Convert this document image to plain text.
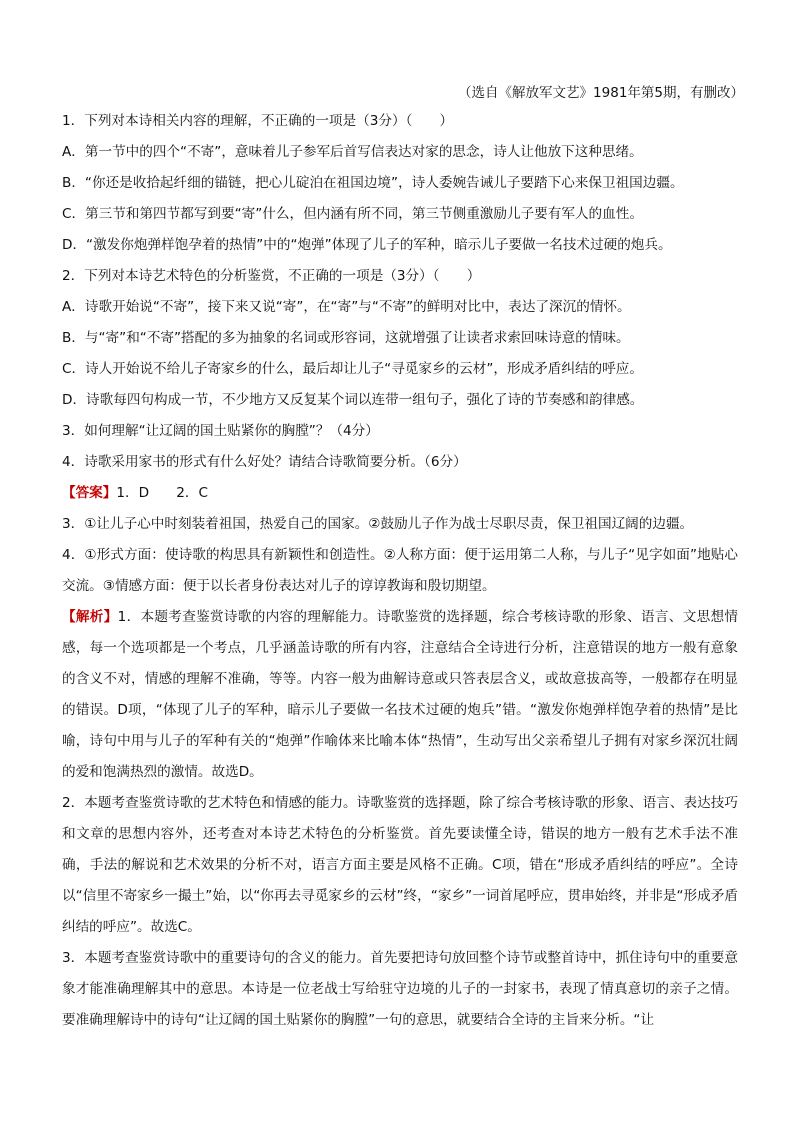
（选自《解放军文艺》1981年第5期，有删改）
1．下列对本诗相关内容的理解，不正确的一项是（3分）（　　）
A．第一节中的四个“不寄”，意味着儿子参军后首写信表达对家的思念，诗人让他放下这种思绪。
B．“你还是收拾起纤细的锚链，把心儿碇泊在祖国边境”，诗人委婉告诫儿子要踏下心来保卫祖国边疆。
C．第三节和第四节都写到要“寄”什么，但内涵有所不同，第三节侧重激励儿子要有军人的血性。
D．“激发你炮弹样饱孕着的热情”中的“炮弹”体现了儿子的军种，暗示儿子要做一名技术过硬的炮兵。
2．下列对本诗艺术特色的分析鉴赏，不正确的一项是（3分）（　　）
A．诗歌开始说“不寄”，接下来又说“寄”，在“寄”与“不寄”的鲜明对比中，表达了深沉的情怀。
B．与“寄”和“不寄”搭配的多为抽象的名词或形容词，这就增强了让读者求索回味诗意的情味。
C．诗人开始说不给儿子寄家乡的什么，最后却让儿子“寻觅家乡的云材”，形成矛盾纠结的呼应。
D．诗歌每四句构成一节，不少地方又反复某个词以连带一组句子，强化了诗的节奏感和韵律感。
3．如何理解“让辽阔的国土贴紧你的胸膛”？（4分）
4．诗歌采用家书的形式有什么好处？请结合诗歌简要分析。（6分）
【答案】1．D　　2．C
3．①让儿子心中时刻装着祖国，热爱自己的国家。②鼓励儿子作为战士尽职尽责，保卫祖国辽阔的边疆。
4．①形式方面：使诗歌的构思具有新颖性和创造性。②人称方面：便于运用第二人称，与儿子“见字如面”地贴心交流。③情感方面：便于以长者身份表达对儿子的谆谆教诲和殷切期望。
【解析】1．本题考查鉴赏诗歌的内容的理解能力。诗歌鉴赏的选择题，综合考核诗歌的形象、语言、文思想情感，每一个选项都是一个考点，几乎涵盖诗歌的所有内容，注意结合全诗进行分析，注意错误的地方一般有意象的含义不对，情感的理解不准确，等等。内容一般为曲解诗意或只答表层含义，或故意拔高等，一般都存在明显的错误。D项，“体现了儿子的军种，暗示儿子要做一名技术过硬的炮兵”错。“激发你炮弹样饱孕着的热情”是比喻，诗句中用与儿子的军种有关的“炮弹”作喻体来比喻本体“热情”，生动写出父亲希望儿子拥有对家乡深沉壮阔的爱和饱满热烈的激情。故选D。
2．本题考查鉴赏诗歌的艺术特色和情感的能力。诗歌鉴赏的选择题，除了综合考核诗歌的形象、语言、表达技巧和文章的思想内容外，还考查对本诗艺术特色的分析鉴赏。首先要读懂全诗，错误的地方一般有艺术手法不准确，手法的解说和艺术效果的分析不对，语言方面主要是风格不正确。C项，错在“形成矛盾纠结的呼应”。全诗以“信里不寄家乡一撮土”始，以“你再去寻觅家乡的云材”终，“家乡”一词首尾呼应，贯串始终，并非是“形成矛盾纠结的呼应”。故选C。
3．本题考查鉴赏诗歌中的重要诗句的含义的能力。首先要把诗句放回整个诗节或整首诗中，抓住诗句中的重要意象才能准确理解其中的意思。本诗是一位老战士写给驻守边境的儿子的一封家书，表现了情真意切的亲子之情。要准确理解诗中的诗句“让辽阔的国土贴紧你的胸膛”一句的意思，就要结合全诗的主旨来分析。“让
